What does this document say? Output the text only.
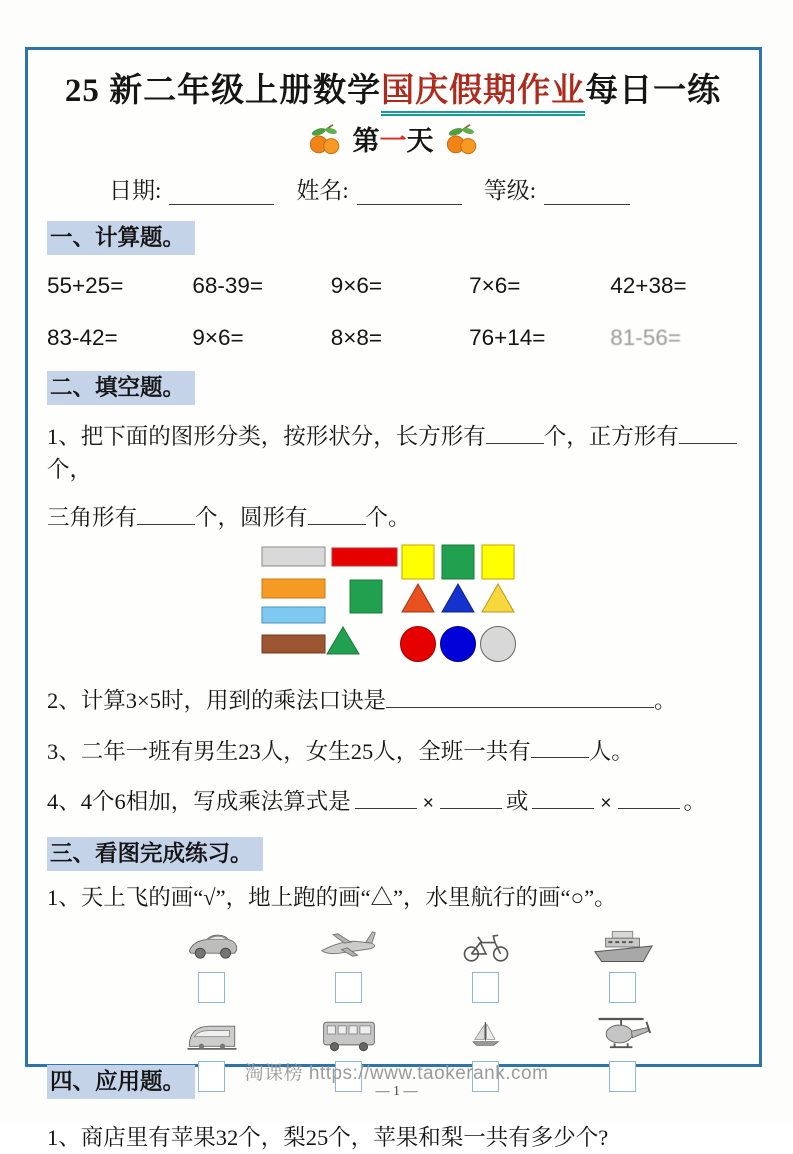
25 新二年级上册数学国庆假期作业每日一练
第一天
日期:	姓名:	等级:
一、计算题。
55+25=	68-39=	9×6=	7×6=	42+38=
83-42=	9×6=	8×8=	76+14=	81-56=
二、填空题。
1、把下面的图形分类，按形状分，长方形有	个，正方形有个，
三角形有	个，圆形有	个。
2、计算3×5时，用到的乘法口诀是	。
3、二年一班有男生23人，女生25人，全班一共有	人。
4、4个6相加，写成乘法算式是	×	或	×	。
三、看图完成练习。
1、天上飞的画“√”，地上跑的画“△”，水里航行的画“○”。
四、应用题。
1、商店里有苹果32个，梨25个，苹果和梨一共有多少个?
淘课榜 https://www.taokerank.com
— 1 —
